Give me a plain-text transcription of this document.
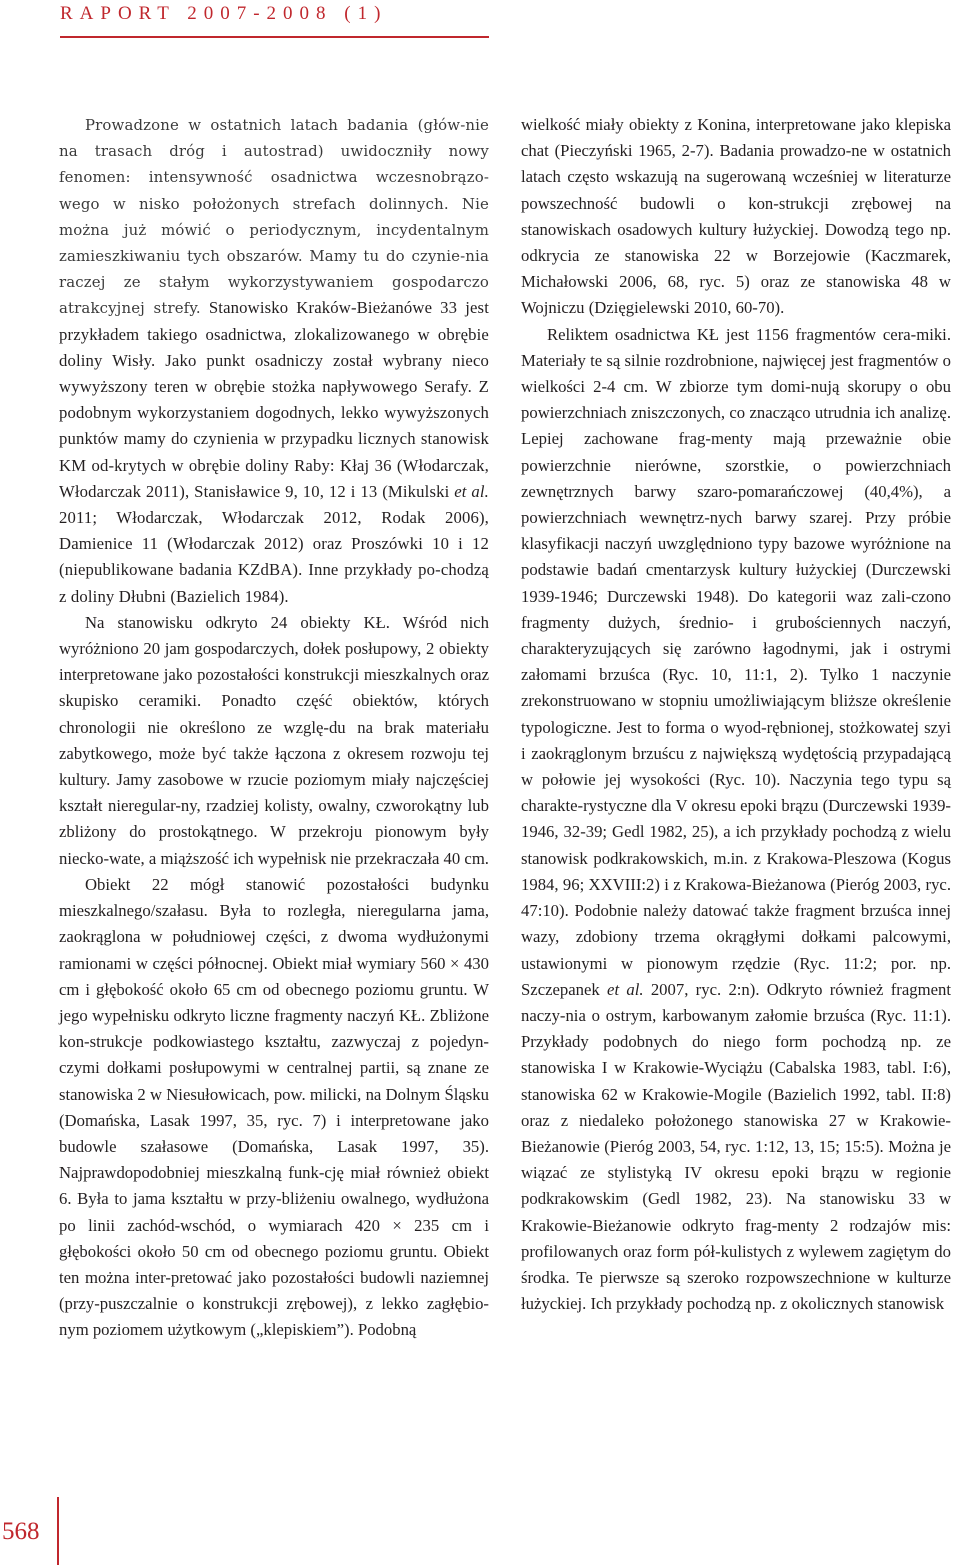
RAPORT 2007-2008 (1)

Prowadzone w ostatnich latach badania (głów-nie na trasach dróg i autostrad) uwidoczniły nowy fenomen: intensywność osadnictwa wczesnobrązo-wego w nisko położonych strefach dolinnych. Nie można już mówić o periodycznym, incydentalnym zamieszkiwaniu tych obszarów. Mamy tu do czynie-nia raczej ze stałym wykorzystywaniem gospodarczo atrakcyjnej strefy. Stanowisko Kraków-Bieżanówe 33 jest przykładem takiego osadnictwa, zlokalizowanego w obrębie doliny Wisły. Jako punkt osadniczy został wybrany nieco wywyższony teren w obrębie stożka napływowego Serafy. Z podobnym wykorzystaniem dogodnych, lekko wywyższonych punktów mamy do czynienia w przypadku licznych stanowisk KM od-krytych w obrębie doliny Raby: Kłaj 36 (Włodarczak, Włodarczak 2011), Stanisławice 9, 10, 12 i 13 (Mikulski et al. 2011; Włodarczak, Włodarczak 2012, Rodak 2006), Damienice 11 (Włodarczak 2012) oraz Proszówki 10 i 12 (niepublikowane badania KZdBA). Inne przykłady po-chodzą z doliny Dłubni (Bazielich 1984).

Na stanowisku odkryto 24 obiekty KŁ. Wśród nich wyróżniono 20 jam gospodarczych, dołek posłupowy, 2 obiekty interpretowane jako pozostałości konstrukcji mieszkalnych oraz skupisko ceramiki. Ponadto część obiektów, których chronologii nie określono ze wzglę-du na brak materiału zabytkowego, może być także łączona z okresem rozwoju tej kultury. Jamy zasobowe w rzucie poziomym miały najczęściej kształt nieregular-ny, rzadziej kolisty, owalny, czworokątny lub zbliżony do prostokątnego. W przekroju pionowym były niecko-wate, a miąższość ich wypełnisk nie przekraczała 40 cm.

Obiekt 22 mógł stanowić pozostałości budynku mieszkalnego/szałasu. Była to rozległa, nieregularna jama, zaokrąglona w południowej części, z dwoma wydłużonymi ramionami w części północnej. Obiekt miał wymiary 560 × 430 cm i głębokość około 65 cm od obecnego poziomu gruntu. W jego wypełnisku odkryto liczne fragmenty naczyń KŁ. Zbliżone kon-strukcje podkowiastego kształtu, zazwyczaj z pojedyn-czymi dołkami posłupowymi w centralnej partii, są znane ze stanowiska 2 w Niesułowicach, pow. milicki, na Dolnym Śląsku (Domańska, Lasak 1997, 35, ryc. 7) i interpretowane jako budowle szałasowe (Domańska, Lasak 1997, 35). Najprawdopodobniej mieszkalną funk-cję miał również obiekt 6. Była to jama kształtu w przy-bliżeniu owalnego, wydłużona po linii zachód-wschód, o wymiarach 420 × 235 cm i głębokości około 50 cm od obecnego poziomu gruntu. Obiekt ten można inter-pretować jako pozostałości budowli naziemnej (przy-puszczalnie o konstrukcji zrębowej), z lekko zagłębio-nym poziomem użytkowym („klepiskiem”). Podobną

wielkość miały obiekty z Konina, interpretowane jako klepiska chat (Pieczyński 1965, 2-7). Badania prowadzo-ne w ostatnich latach często wskazują na sugerowaną wcześniej w literaturze powszechność budowli o kon-strukcji zrębowej na stanowiskach osadowych kultury łużyckiej. Dowodzą tego np. odkrycia ze stanowiska 22 w Borzejowie (Kaczmarek, Michałowski 2006, 68, ryc. 5) oraz ze stanowiska 48 w Wojniczu (Dzięgielewski 2010, 60-70).

Reliktem osadnictwa KŁ jest 1156 fragmentów cera-miki. Materiały te są silnie rozdrobnione, najwięcej jest fragmentów o wielkości 2-4 cm. W zbiorze tym domi-nują skorupy o obu powierzchniach zniszczonych, co znacząco utrudnia ich analizę. Lepiej zachowane frag-menty mają przeważnie obie powierzchnie nierówne, szorstkie, o powierzchniach zewnętrznych barwy szaro-pomarańczowej (40,4%), a powierzchniach wewnętrz-nych barwy szarej. Przy próbie klasyfikacji naczyń uwzględniono typy bazowe wyróżnione na podstawie badań cmentarzysk kultury łużyckiej (Durczewski 1939-1946; Durczewski 1948). Do kategorii waz zali-czono fragmenty dużych, średnio- i grubościennych naczyń, charakteryzujących się zarówno łagodnymi, jak i ostrymi załomami brzuśca (Ryc. 10, 11:1, 2). Tylko 1 naczynie zrekonstruowano w stopniu umożliwiającym bliższe określenie typologiczne. Jest to forma o wyod-rębnionej, stożkowatej szyi i zaokrąglonym brzuścu z największą wydętością przypadającą w połowie jej wysokości (Ryc. 10). Naczynia tego typu są charakte-rystyczne dla V okresu epoki brązu (Durczewski 1939-1946, 32-39; Gedl 1982, 25), a ich przykłady pochodzą z wielu stanowisk podkrakowskich, m.in. z Krakowa-Pleszowa (Kogus 1984, 96; XXVIII:2) i z Krakowa-Bieżanowa (Pieróg 2003, ryc. 47:10). Podobnie należy datować także fragment brzuśca innej wazy, zdobiony trzema okrągłymi dołkami palcowymi, ustawionymi w pionowym rzędzie (Ryc. 11:2; por. np. Szczepanek et al. 2007, ryc. 2:n). Odkryto również fragment naczy-nia o ostrym, karbowanym załomie brzuśca (Ryc. 11:1). Przykłady podobnych do niego form pochodzą np. ze stanowiska I w Krakowie-Wyciążu (Cabalska 1983, tabl. I:6), stanowiska 62 w Krakowie-Mogile (Bazielich 1992, tabl. II:8) oraz z niedaleko położonego stanowiska 27 w Krakowie-Bieżanowie (Pieróg 2003, 54, ryc. 1:12, 13, 15; 15:5). Można je wiązać ze stylistyką IV okresu epoki brązu w regionie podkrakowskim (Gedl 1982, 23). Na stanowisku 33 w Krakowie-Bieżanowie odkryto frag-menty 2 rodzajów mis: profilowanych oraz form pół-kulistych z wylewem zagiętym do środka. Te pierwsze są szeroko rozpowszechnione w kulturze łużyckiej. Ich przykłady pochodzą np. z okolicznych stanowisk

568
